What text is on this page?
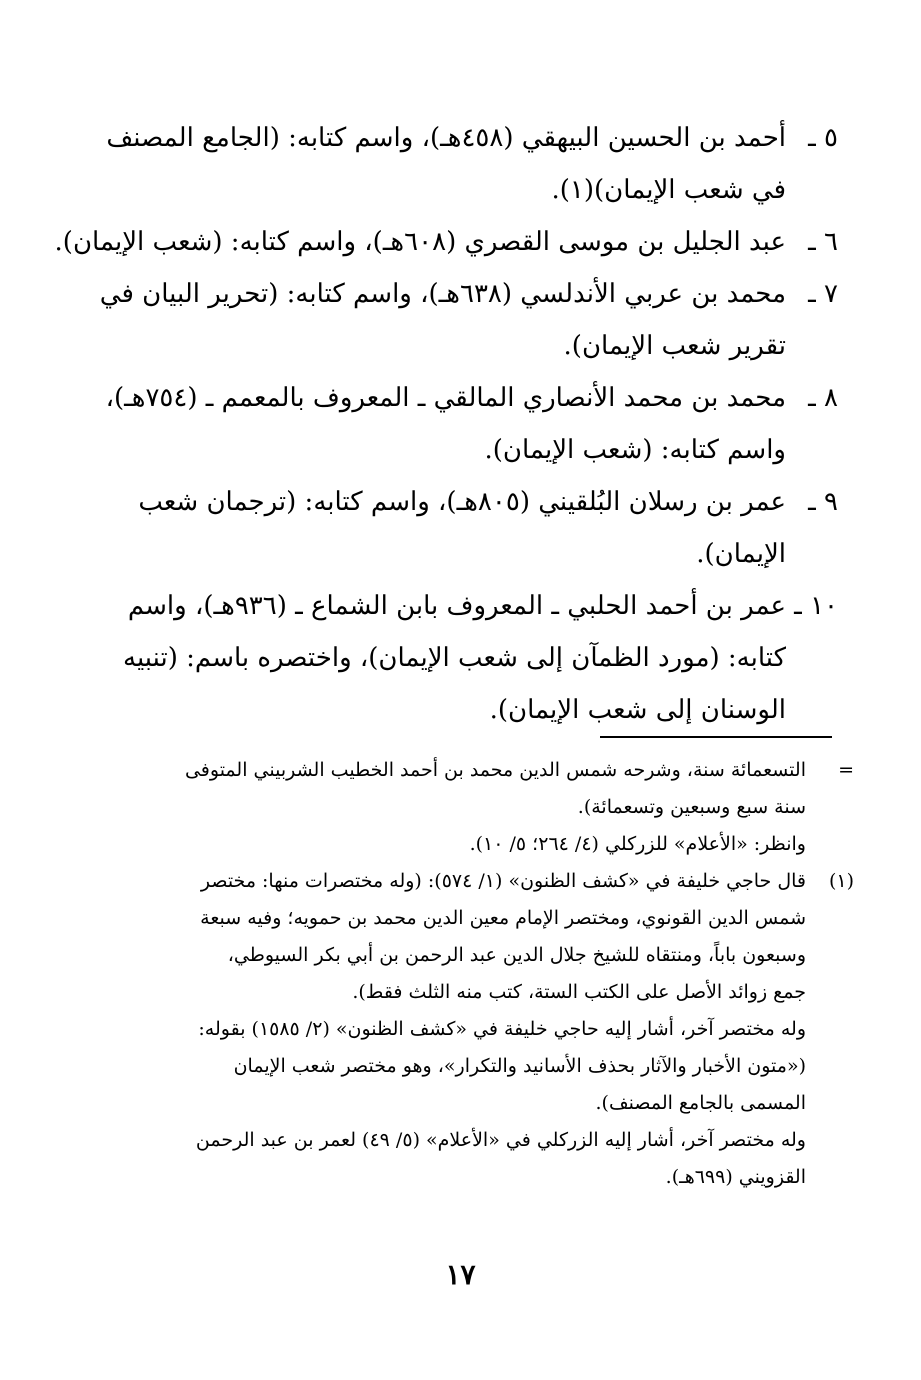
٥ ـ
أحمد بن الحسين البيهقي (٤٥٨هـ)، واسم كتابه: (الجامع المصنف
في شعب الإيمان)(١).
٦ ـ
عبد الجليل بن موسى القصري (٦٠٨هـ)، واسم كتابه: (شعب الإيمان).
٧ ـ
محمد بن عربي الأندلسي (٦٣٨هـ)، واسم كتابه: (تحرير البيان في
تقرير شعب الإيمان).
٨ ـ
محمد بن محمد الأنصاري المالقي ـ المعروف بالمعمم ـ (٧٥٤هـ)،
واسم كتابه: (شعب الإيمان).
٩ ـ
عمر بن رسلان البُلقيني (٨٠٥هـ)، واسم كتابه: (ترجمان شعب
الإيمان).
١٠ ـ
عمر بن أحمد الحلبي ـ المعروف بابن الشماع ـ (٩٣٦هـ)، واسم
كتابه: (مورد الظمآن إلى شعب الإيمان)، واختصره باسم: (تنبيه
الوسنان إلى شعب الإيمان).
=
التسعمائة سنة، وشرحه شمس الدين محمد بن أحمد الخطيب الشربيني المتوفى
سنة سبع وسبعين وتسعمائة).
وانظر: «الأعلام» للزركلي (٤/ ٢٦٤؛ ٥/ ١٠).
(١)
قال حاجي خليفة في «كشف الظنون» (١/ ٥٧٤): (وله مختصرات منها: مختصر
شمس الدين القونوي، ومختصر الإمام معين الدين محمد بن حمويه؛ وفيه سبعة
وسبعون باباً، ومنتقاه للشيخ جلال الدين عبد الرحمن بن أبي بكر السيوطي،
جمع زوائد الأصل على الكتب الستة، كتب منه الثلث فقط).
وله مختصر آخر، أشار إليه حاجي خليفة في «كشف الظنون» (٢/ ١٥٨٥) بقوله:
(«متون الأخبار والآثار بحذف الأسانيد والتكرار»، وهو مختصر شعب الإيمان
المسمى بالجامع المصنف).
وله مختصر آخر، أشار إليه الزركلي في «الأعلام» (٥/ ٤٩) لعمر بن عبد الرحمن
القزويني (٦٩٩هـ).
١٧
